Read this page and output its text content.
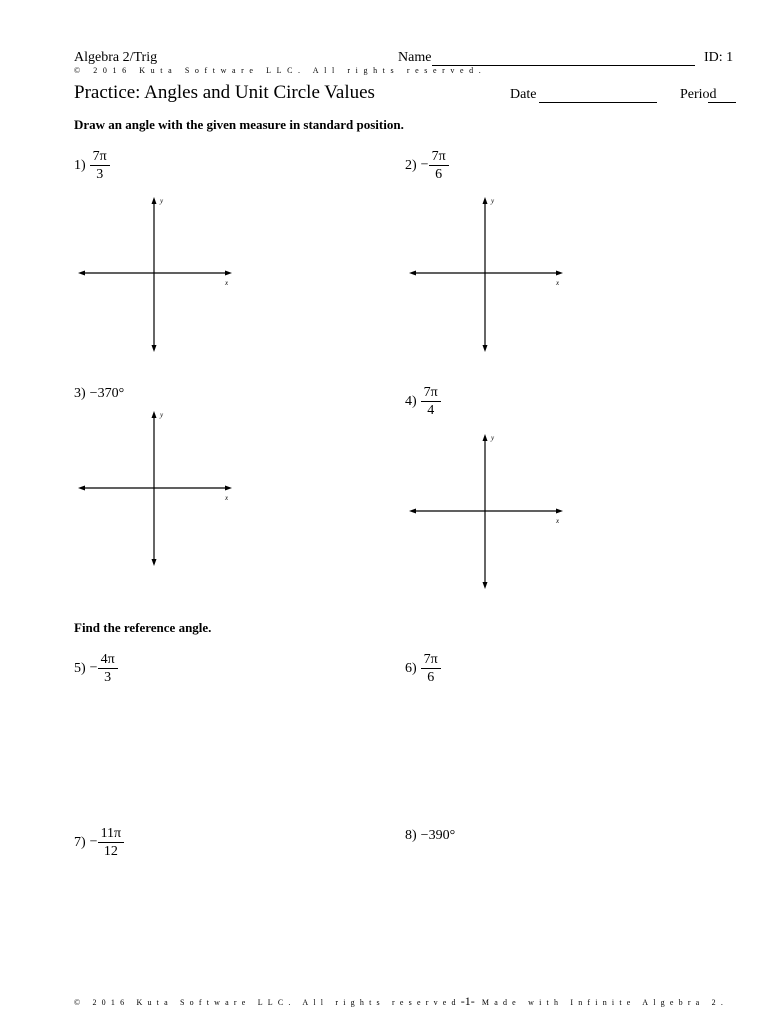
Algebra 2/Trig	Name	ID: 1
© 2016 Kuta Software LLC. All rights reserved.
Practice: Angles and Unit Circle Values	Date	Period
Draw an angle with the given measure in standard position.
$1) \frac{7\pi}{3}$	$2) - \frac{7\pi}{6}$
y
x
y
x
3) −370°
$4) \frac{7\pi}{4}$
y
x
y
x
Find the reference angle.
$5) - \frac{4\pi}{3}$	$6) \frac{7\pi}{6}$
$7) - \frac{11\pi}{12}$	8) −390°
© 2016 Kuta Software LLC. All rights reserved-1- Made with Infinite Algebra 2.
